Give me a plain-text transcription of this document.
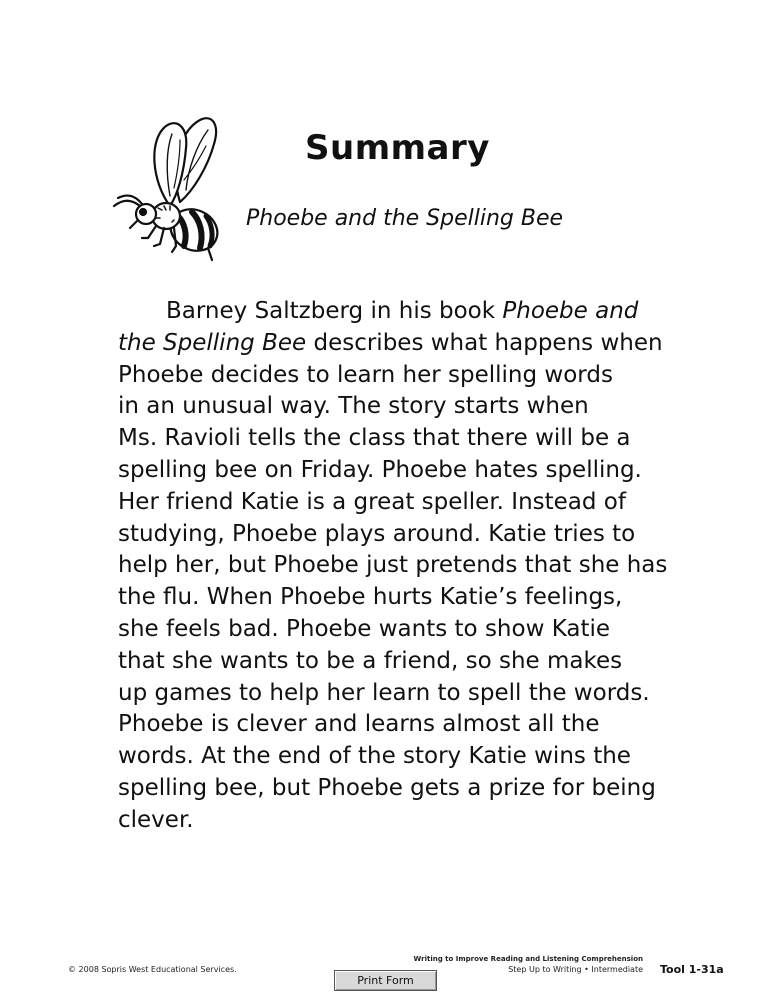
Summary
Phoebe and the Spelling Bee
Barney Saltzberg in his book Phoebe and
the Spelling Bee describes what happens when
Phoebe decides to learn her spelling words
in an unusual way. The story starts when
Ms. Ravioli tells the class that there will be a
spelling bee on Friday. Phoebe hates spelling.
Her friend Katie is a great speller. Instead of
studying, Phoebe plays around. Katie tries to
help her, but Phoebe just pretends that she has
the flu. When Phoebe hurts Katie’s feelings,
she feels bad. Phoebe wants to show Katie
that she wants to be a friend, so she makes
up games to help her learn to spell the words.
Phoebe is clever and learns almost all the
words. At the end of the story Katie wins the
spelling bee, but Phoebe gets a prize for being
clever.
© 2008 Sopris West Educational Services.
Writing to Improve Reading and Listening Comprehension
Step Up to Writing • Intermediate Tool 1-31a
Print Form
